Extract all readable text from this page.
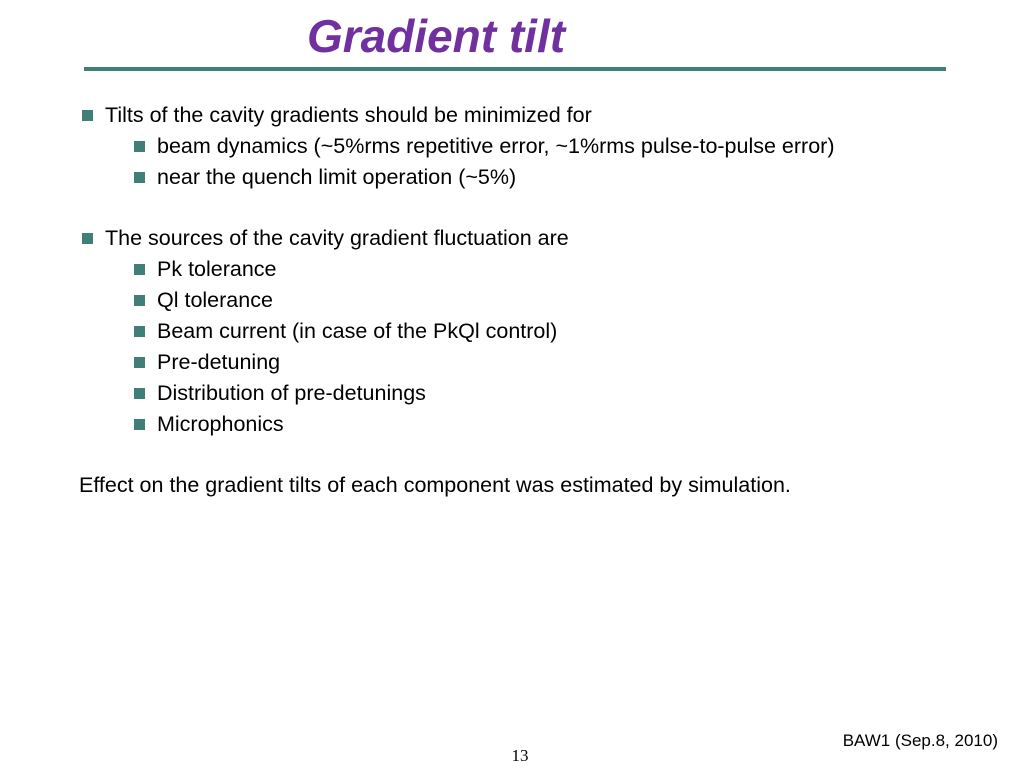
Gradient tilt
Tilts of the cavity gradients should be minimized for
beam dynamics (~5%rms repetitive error, ~1%rms pulse-to-pulse error)
near the quench limit operation (~5%)
The sources of the cavity gradient fluctuation are
Pk tolerance
Ql tolerance
Beam current (in case of the PkQl control)
Pre-detuning
Distribution of pre-detunings
Microphonics
Effect on the gradient tilts of each component was estimated by simulation.
BAW1 (Sep.8, 2010)
13
